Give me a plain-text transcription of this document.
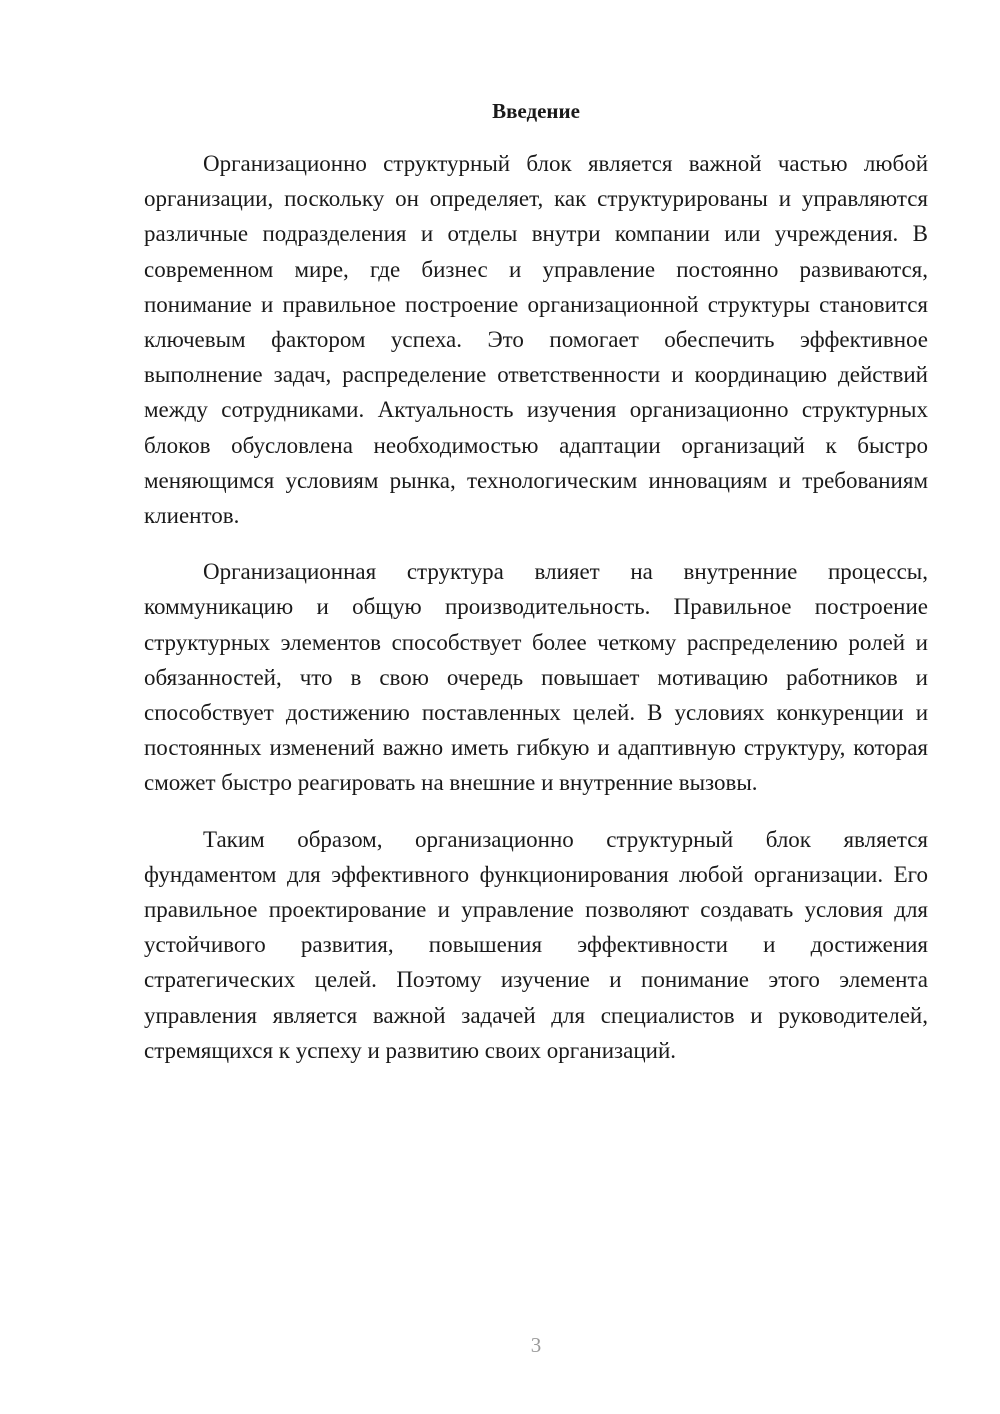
Введение

Организационно структурный блок является важной частью любой организации, поскольку он определяет, как структурированы и управляются различные подразделения и отделы внутри компании или учреждения. В современном мире, где бизнес и управление постоянно развиваются, понимание и правильное построение организационной структуры становится ключевым фактором успеха. Это помогает обеспечить эффективное выполнение задач, распределение ответственности и координацию действий между сотрудниками. Актуальность изучения организационно структурных блоков обусловлена необходимостью адаптации организаций к быстро меняющимся условиям рынка, технологическим инновациям и требованиям клиентов.

Организационная структура влияет на внутренние процессы, коммуникацию и общую производительность. Правильное построение структурных элементов способствует более четкому распределению ролей и обязанностей, что в свою очередь повышает мотивацию работников и способствует достижению поставленных целей. В условиях конкуренции и постоянных изменений важно иметь гибкую и адаптивную структуру, которая сможет быстро реагировать на внешние и внутренние вызовы.

Таким образом, организационно структурный блок является фундаментом для эффективного функционирования любой организации. Его правильное проектирование и управление позволяют создавать условия для устойчивого развития, повышения эффективности и достижения стратегических целей. Поэтому изучение и понимание этого элемента управления является важной задачей для специалистов и руководителей, стремящихся к успеху и развитию своих организаций.

3
